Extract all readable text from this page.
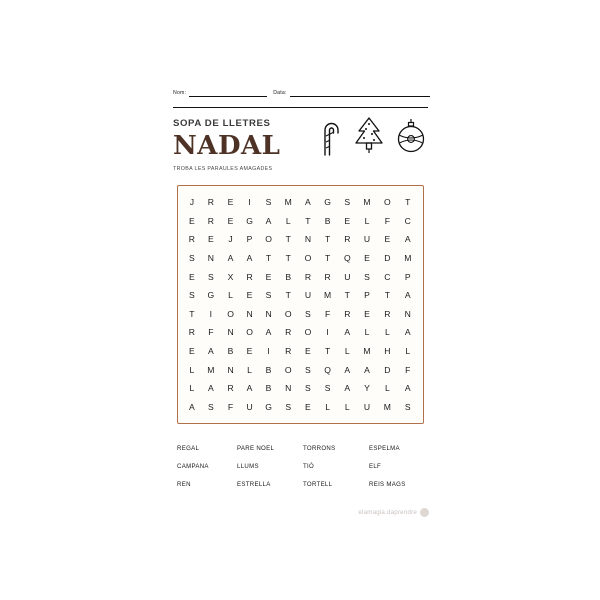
Nom:	Data:
SOPA DE LLETRES
NADAL
TROBA LES PARAULES AMAGADES
J	R	E	I	S	M	A	G	S	M	O	T
E	R	E	G	A	L	T	B	E	L	F	C
R	E	J	P	O	T	N	T	R	U	E	A
S	N	A	A	T	T	O	T	Q	E	D	M
E	S	X	R	E	B	R	R	U	S	C	P
S	G	L	E	S	T	U	M	T	P	T	A
T	I	O	N	N	O	S	F	R	E	R	N
R	F	N	O	A	R	O	I	A	L	L	A
E	A	B	E	I	R	E	T	L	M	H	L
L	M	N	L	B	O	S	Q	A	A	D	F
L	A	R	A	B	N	S	S	A	Y	L	A
A	S	F	U	G	S	E	L	L	U	M	S
REGAL	PARE NOEL	TORRONS	ESPELMA
CAMPANA	LLUMS	TIÓ	ELF
REN	ESTRELLA	TORTELL	REIS MAGS
elamagia.daprendre
